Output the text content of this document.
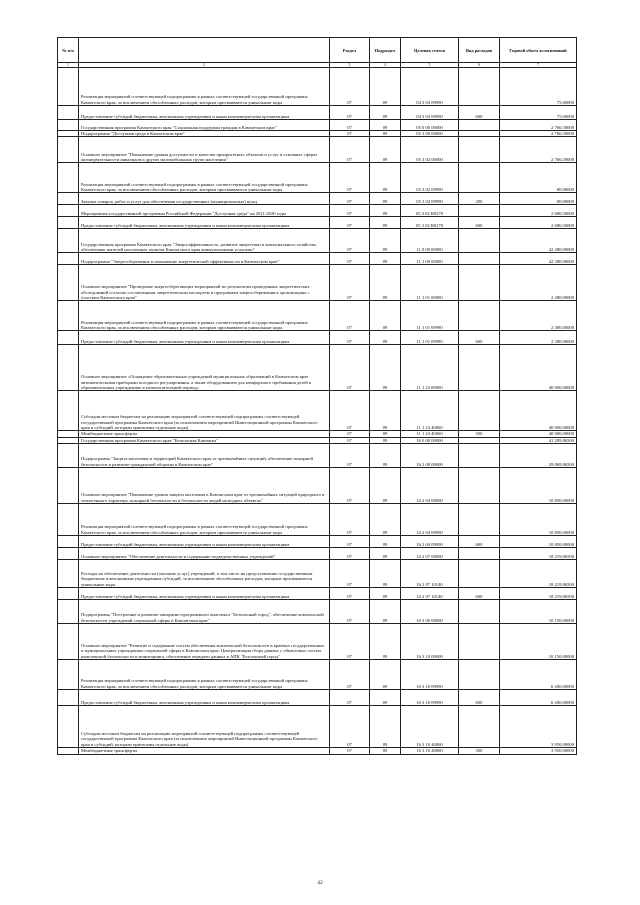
№ п/п		Раздел	Подраздел	Целевая статья	Вид расходов	Годовой объем ассигнований
1	2	3	4	5	6	7
	Реализация мероприятий соответствующей подпрограммы в рамках соответствующей государственной программы Камчатского края, за исключением обособленных расходов, которым присваиваются уникальные коды	07	09	04 3 03 09990		75,00000
	Предоставление субсидий бюджетным, автономным учреждениям и иным некоммерческим организациям	07	09	04 3 03 09990	600	75,00000
	Государственная программа Камчатского края "Социальная поддержка граждан в Камчатском крае"	07	09	05 0 00 00000		2 766,50000
	Подпрограмма "Доступная среда в Камчатском крае"	07	09	05 3 00 00000		2 766,50000
	Основное мероприятие "Повышение уровня доступности и качества приоритетных объектов и услуг в основных сферах жизнедеятельности инвалидов и других маломобильных групп населения"	07	09	05 3 02 00000		2 766,50000
	Реализация мероприятий соответствующей подпрограммы в рамках соответствующей государственной программы Камчатского края, за исключением обособленных расходов, которым присваиваются уникальные коды	07	09	05 3 02 09990		80,00000
	Закупка товаров, работ и услуг для обеспечения государственных (муниципальных) нужд	07	09	05 3 02 09990	200	80,00000
	Мероприятия государственной программы Российской Федерации "Доступная среда" на 2011-2020 годы	07	09	05 3 02 R0270		2 686,50000
	Предоставление субсидий бюджетным, автономным учреждениям и иным некоммерческим организациям	07	09	05 3 02 R0270	600	2 686,50000
	Государственная программа Камчатского края "Энергоэффективность, развитие энергетики и коммунального хозяйства, обеспечение жителей населенных пунктов Камчатского края коммунальными услугами"	07	09	11 0 00 00000		42 380,00000
	Подпрограмма "Энергосбережение и повышение энергетической эффективности в Камчатском крае"	07	09	11 1 00 00000		42 380,00000
	Основное мероприятие "Проведение энергосберегающих мероприятий по результатам проведенных энергетических обследований согласно составленным энергетическим паспортам и программам энергосбережения в организациях с участием Камчатского края"	07	09	11 1 01 00000		2 380,00000
	Реализация мероприятий соответствующей подпрограммы в рамках соответствующей государственной программы Камчатского края, за исключением обособленных расходов, которым присваиваются уникальные коды	07	09	11 1 01 09990		2 380,00000
	Предоставление субсидий бюджетным, автономным учреждениям и иным некоммерческим организациям	07	09	11 1 01 09990	600	2 380,00000
	Основное мероприятие «Оснащение образовательных учреждений муниципальных образований в Камчатском крае автоматическими приборами погодного регулирования, а также оборудованием для комфортного пребывания детей в образовательных учреждениях в межотопительный период»	07	09	11 1 23 00000		40 000,00000
	Субсидии местным бюджетам на реализацию мероприятий соответствующей подпрограммы соответствующей государственной программы Камчатского края (за исключением мероприятий Инвестиционной программы Камчатского края и субсидий, которым присвоены отдельные коды)	07	09	11 1 23 40060		40 000,00000
	Межбюджетные трансферты	07	09	11 1 23 40060	500	40 000,00000
	Государственная программа Камчатского края "Безопасная Камчатка"	07	09	16 0 00 00000		41 289,86500
	Подпрограмма "Защита населения и территорий Камчатского края от чрезвычайных ситуаций, обеспечение пожарной безопасности и развитие гражданской обороны в Камчатском крае"	07	09	16 2 00 00000		29 069,86500
	Основное мероприятие "Повышение уровня защиты населения в Камчатском крае от чрезвычайных ситуаций природного и техногенного характера, пожарной безопасности и безопасности людей на водных объектах"	07	09	16 2 04 00000		10 850,00000
	Реализация мероприятий соответствующей подпрограммы в рамках соответствующей государственной программы Камчатского края, за исключением обособленных расходов, которым присваиваются уникальные коды	07	09	16 2 04 09990		10 850,00000
	Предоставление субсидий бюджетным, автономным учреждениям и иным некоммерческим организациям	07	09	16 2 04 09990	600	10 850,00000
	Основное мероприятие "Обеспечение деятельности и содержание подведомственных учреждений"	07	09	16 2 07 00000		18 219,86500
	Расходы на обеспечение деятельности (оказание услуг) учреждений, в том числе на предоставление государственным бюджетным и автономным учреждениям субсидий, за исключением обособленных расходов, которым присваиваются уникальные коды	07	09	16 2 07 10140		18 219,86500
	Предоставление субсидий бюджетным, автономным учреждениям и иным некоммерческим организациям	07	09	16 2 07 10140	600	18 219,86500
	Подпрограмма "Построение и развитие аппаратно-программного комплекса "Безопасный город", обеспечение комплексной безопасности учреждений социальной сферы в Камчатском крае"	07	09	16 3 00 00000		10 150,00000
	Основное мероприятие "Развитие и содержание систем обеспечения комплексной безопасности в краевых государственных и муниципальных учреждениях социальной сферы в Камчатском крае. Централизация сбора данных с объектовых систем комплексной безопасности и мониторинга, обеспечение передачи данных в АПК "Безопасный город"	07	09	16 3 10 00000		10 150,00000
	Реализация мероприятий соответствующей подпрограммы в рамках соответствующей государственной программы Камчатского края, за исключением обособленных расходов, которым присваиваются уникальные коды	07	09	16 3 10 09990		6 200,00000
	Предоставление субсидий бюджетным, автономным учреждениям и иным некоммерческим организациям	07	09	16 3 10 09990	600	6 200,00000
	Субсидии местным бюджетам на реализацию мероприятий соответствующей подпрограммы соответствующей государственной программы Камчатского края (за исключением мероприятий Инвестиционной программы Камчатского края и субсидий, которым присвоены отдельные коды)	07	09	16 3 10 40060		3 950,00000
	Межбюджетные трансферты	07	09	16 3 10 40060	500	3 950,00000
42
